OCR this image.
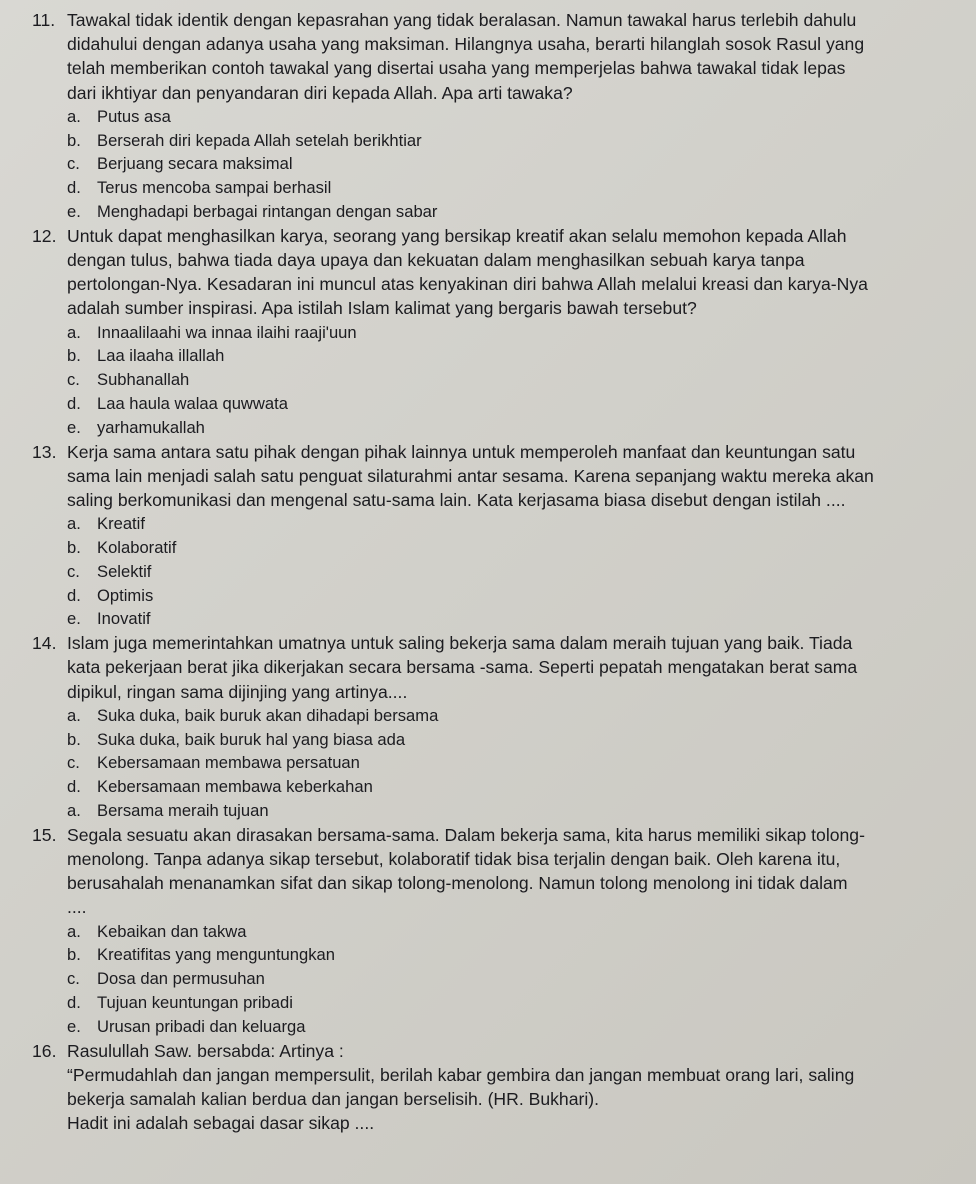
11. Tawakal tidak identik dengan kepasrahan yang tidak beralasan. Namun tawakal harus terlebih dahulu
didahului dengan adanya usaha yang maksiman. Hilangnya usaha, berarti hilanglah sosok Rasul yang
telah memberikan contoh tawakal yang disertai usaha yang memperjelas bahwa tawakal tidak lepas
dari ikhtiyar dan penyandaran diri kepada Allah. Apa arti tawaka?
a. Putus asa
b. Berserah diri kepada Allah setelah berikhtiar
c. Berjuang secara maksimal
d. Terus mencoba sampai berhasil
e. Menghadapi berbagai rintangan dengan sabar
12. Untuk dapat menghasilkan karya, seorang yang bersikap kreatif akan selalu memohon kepada Allah
dengan tulus, bahwa tiada daya upaya dan kekuatan dalam menghasilkan sebuah karya tanpa
pertolongan-Nya. Kesadaran ini muncul atas kenyakinan diri bahwa Allah melalui kreasi dan karya-Nya
adalah sumber inspirasi. Apa istilah Islam kalimat yang bergaris bawah tersebut?
a. Innaalilaahi wa innaa ilaihi raaji'uun
b. Laa ilaaha illallah
c. Subhanallah
d. Laa haula walaa quwwata
e. yarhamukallah
13. Kerja sama antara satu pihak dengan pihak lainnya untuk memperoleh manfaat dan keuntungan satu
sama lain menjadi salah satu penguat silaturahmi antar sesama. Karena sepanjang waktu mereka akan
saling berkomunikasi dan mengenal satu-sama lain. Kata kerjasama biasa disebut dengan istilah ....
a. Kreatif
b. Kolaboratif
c. Selektif
d. Optimis
e. Inovatif
14. Islam juga memerintahkan umatnya untuk saling bekerja sama dalam meraih tujuan yang baik. Tiada
kata pekerjaan berat jika dikerjakan secara bersama -sama. Seperti pepatah mengatakan berat sama
dipikul, ringan sama dijinjing yang artinya....
a. Suka duka, baik buruk akan dihadapi bersama
b. Suka duka, baik buruk hal yang biasa ada
c. Kebersamaan membawa persatuan
d. Kebersamaan membawa keberkahan
a. Bersama meraih tujuan
15. Segala sesuatu akan dirasakan bersama-sama. Dalam bekerja sama, kita harus memiliki sikap tolong-
menolong. Tanpa adanya sikap tersebut, kolaboratif tidak bisa terjalin dengan baik. Oleh karena itu,
berusahalah menanamkan sifat dan sikap tolong-menolong. Namun tolong menolong ini tidak dalam
....
a. Kebaikan dan takwa
b. Kreatifitas yang menguntungkan
c. Dosa dan permusuhan
d. Tujuan keuntungan pribadi
e. Urusan pribadi dan keluarga
16. Rasulullah Saw. bersabda: Artinya :
“Permudahlah dan jangan mempersulit, berilah kabar gembira dan jangan membuat orang lari, saling
bekerja samalah kalian berdua dan jangan berselisih. (HR. Bukhari).
Hadit ini adalah sebagai dasar sikap ....
